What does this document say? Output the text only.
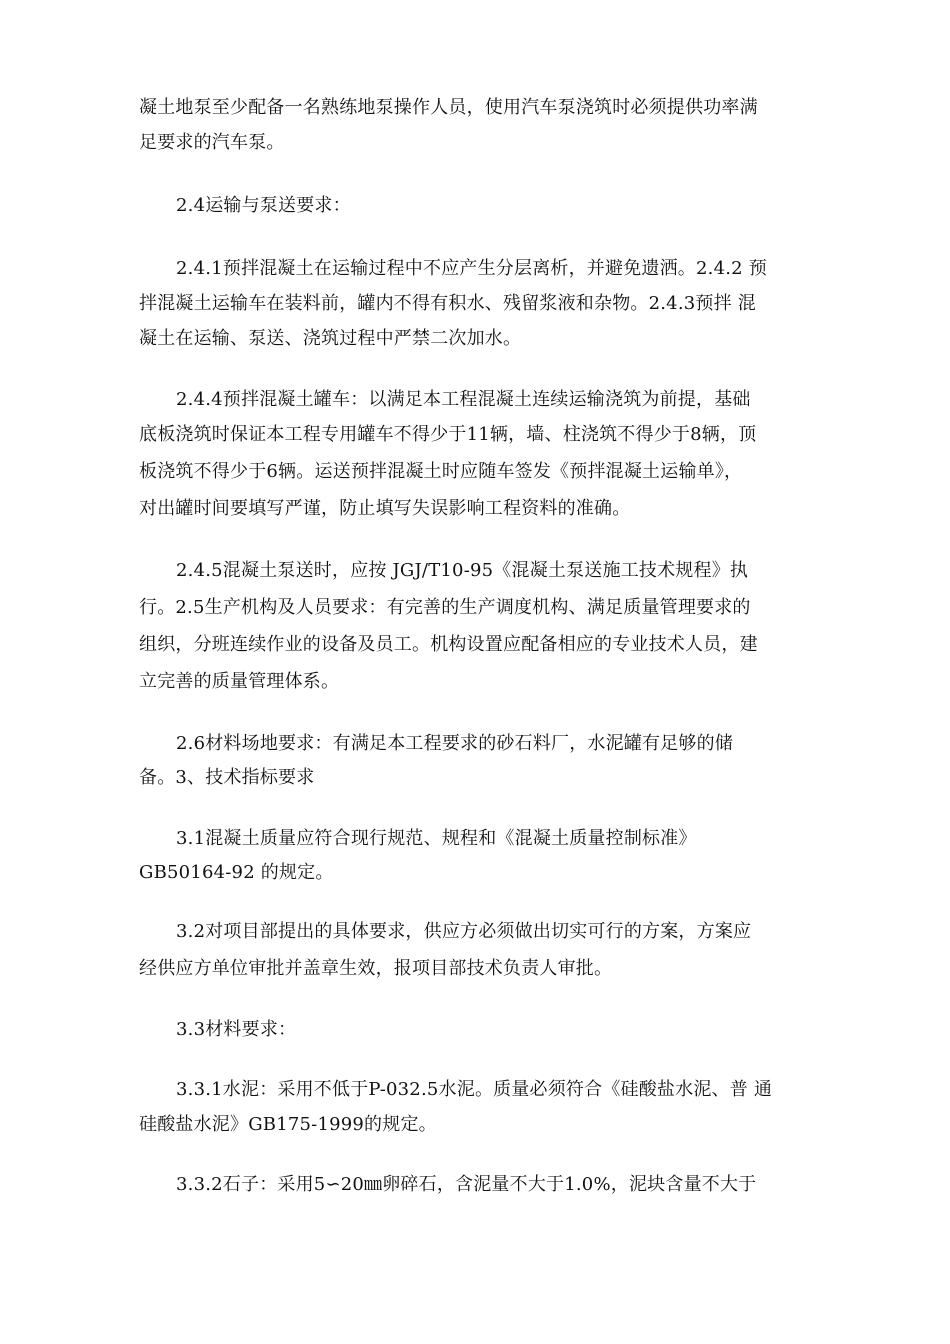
凝土地泵至少配备一名熟练地泵操作人员，使用汽车泵浇筑时必须提供功率满
足要求的汽车泵。
2.4运输与泵送要求：
2.4.1预拌混凝土在运输过程中不应产生分层离析，并避免遗洒。2.4.2 预
拌混凝土运输车在装料前，罐内不得有积水、残留浆液和杂物。2.4.3预拌 混
凝土在运输、泵送、浇筑过程中严禁二次加水。
2.4.4预拌混凝土罐车：以满足本工程混凝土连续运输浇筑为前提，基础
底板浇筑时保证本工程专用罐车不得少于11辆，墙、柱浇筑不得少于8辆，顶
板浇筑不得少于6辆。运送预拌混凝土时应随车签发《预拌混凝土运输单》，
对出罐时间要填写严谨，防止填写失误影响工程资料的准确。
2.4.5混凝土泵送时，应按 JGJ/T10-95《混凝土泵送施工技术规程》执
行。2.5生产机构及人员要求：有完善的生产调度机构、满足质量管理要求的
组织，分班连续作业的设备及员工。机构设置应配备相应的专业技术人员，建
立完善的质量管理体系。
2.6材料场地要求：有满足本工程要求的砂石料厂，水泥罐有足够的储
备。3、技术指标要求
3.1混凝土质量应符合现行规范、规程和《混凝土质量控制标准》
GB50164-92 的规定。
3.2对项目部提出的具体要求，供应方必须做出切实可行的方案，方案应
经供应方单位审批并盖章生效，报项目部技术负责人审批。
3.3材料要求：
3.3.1水泥：采用不低于P-032.5水泥。质量必须符合《硅酸盐水泥、普 通
硅酸盐水泥》GB175-1999的规定。
3.3.2石子：采用5∽20㎜卵碎石，含泥量不大于1.0%，泥块含量不大于
